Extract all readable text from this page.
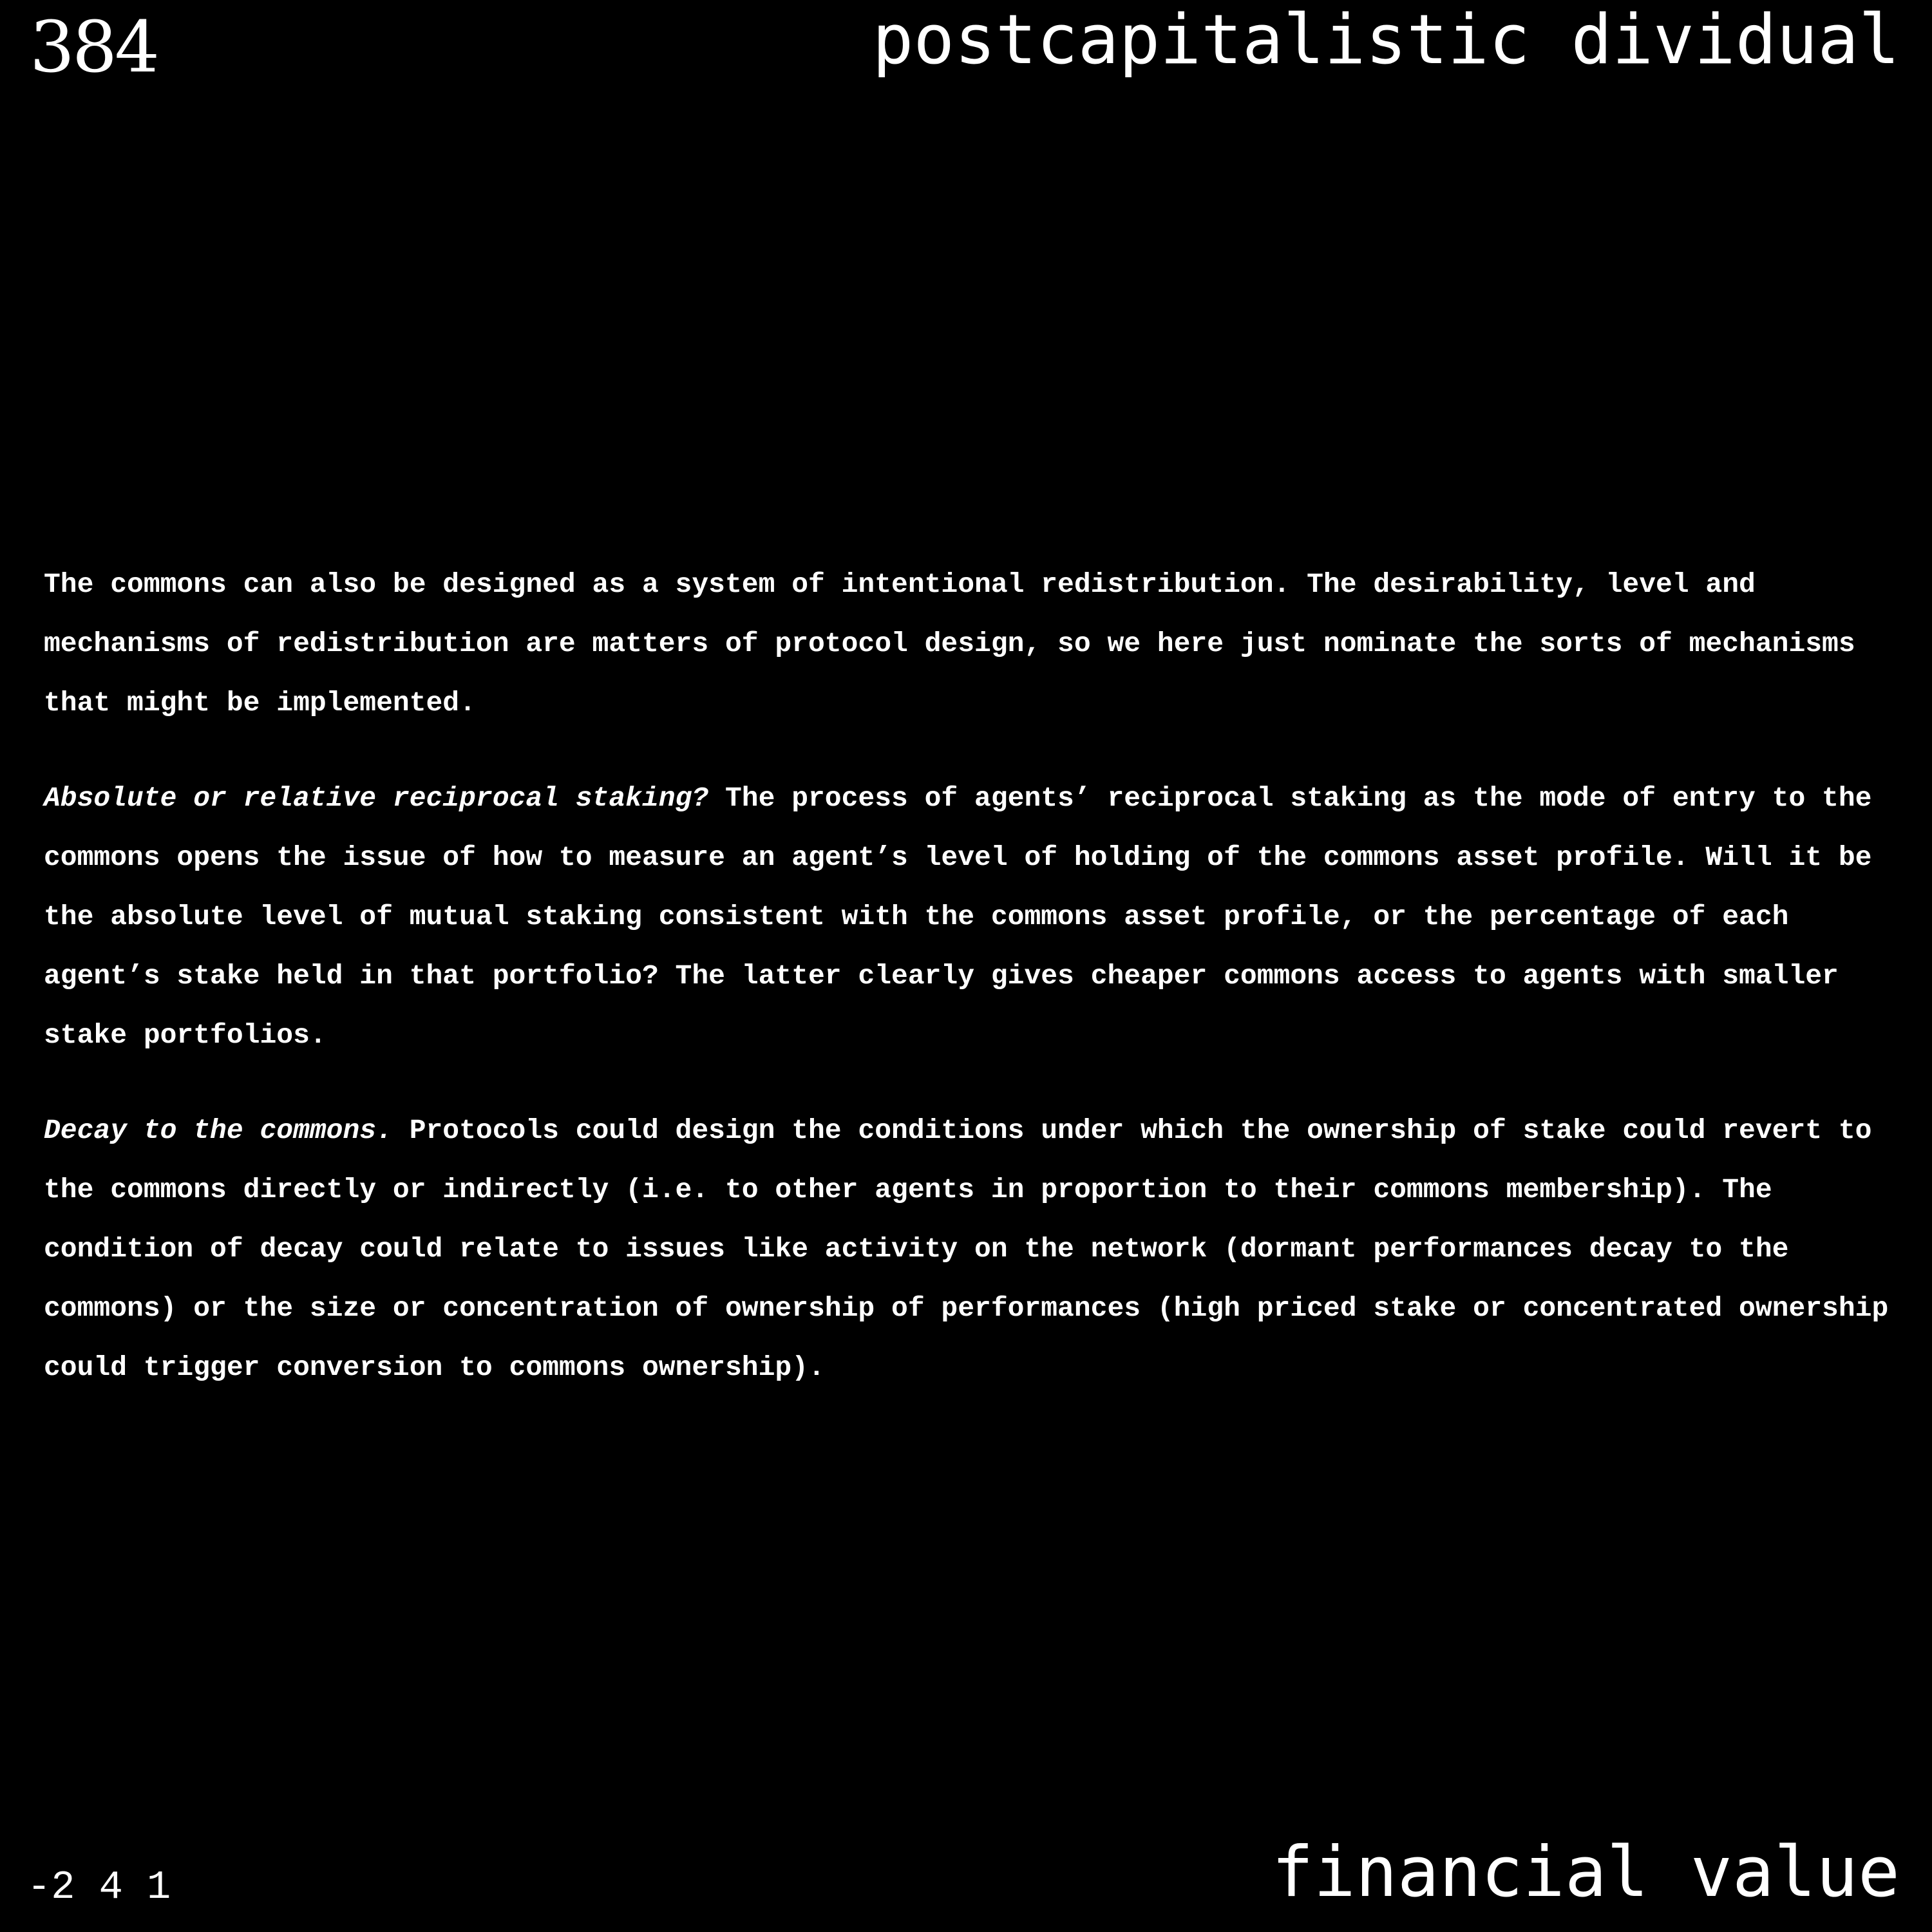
384	postcapitalistic dividual

The commons can also be designed as a system of intentional redistribution. The desirability, level and mechanisms of redistribution are matters of protocol design, so we here just nominate the sorts of mechanisms that might be implemented.

Absolute or relative reciprocal staking? The process of agents’ reciprocal staking as the mode of entry to the commons opens the issue of how to measure an agent’s level of holding of the commons asset profile. Will it be the absolute level of mutual staking consistent with the commons asset profile, or the percentage of each agent’s stake held in that portfolio? The latter clearly gives cheaper commons access to agents with smaller stake portfolios.

Decay to the commons. Protocols could design the conditions under which the ownership of stake could revert to the commons directly or indirectly (i.e. to other agents in proportion to their commons membership). The condition of decay could relate to issues like activity on the network (dormant performances decay to the commons) or the size or concentration of ownership of performances (high priced stake or concentrated ownership could trigger conversion to commons ownership).

-2 4 1	financial value
